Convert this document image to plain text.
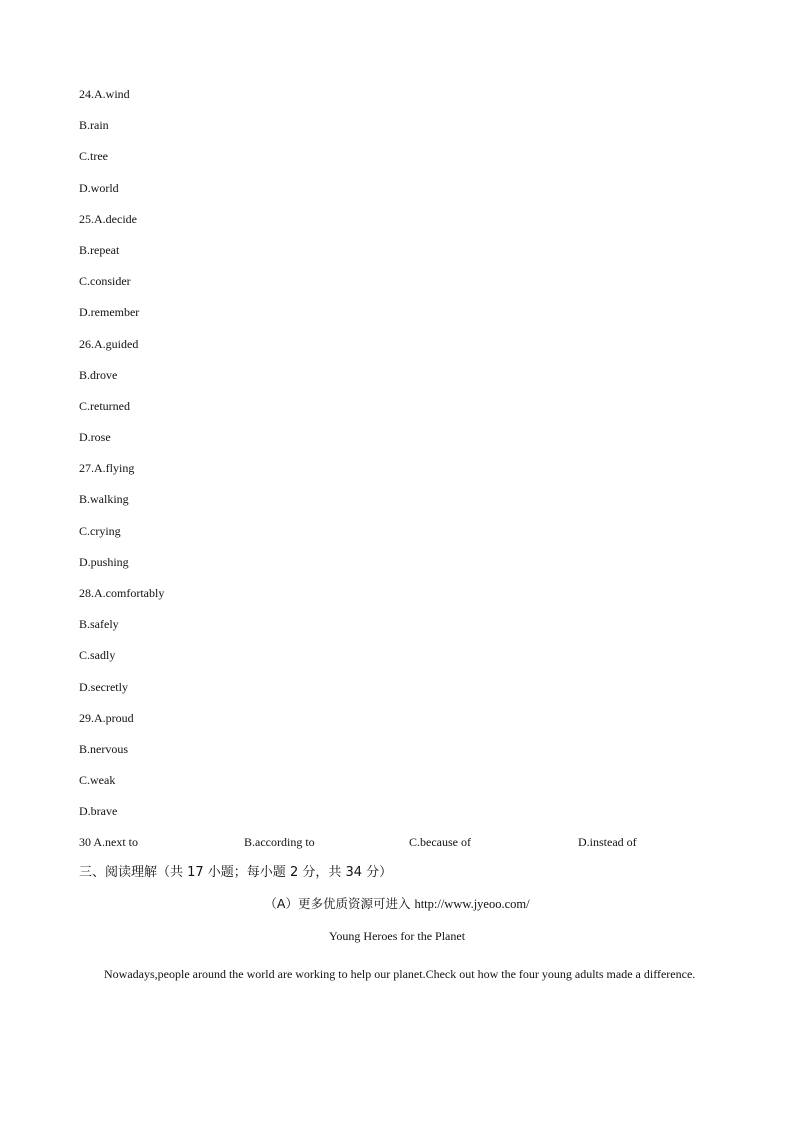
24.A.wind
B.rain
C.tree
D.world
25.A.decide
B.repeat
C.consider
D.remember
26.A.guided
B.drove
C.returned
D.rose
27.A.flying
B.walking
C.crying
D.pushing
28.A.comfortably
B.safely
C.sadly
D.secretly
29.A.proud
B.nervous
C.weak
D.brave
30 A.next to	B.according to	C.because of	D.instead of
三、阅读理解（共 17 小题；每小题 2 分，共 34 分）
（A）更多优质资源可进入 http://www.jyeoo.com/
Young Heroes for the Planet

Nowadays,people around the world are working to help our planet.Check out how the four young adults made a difference.
